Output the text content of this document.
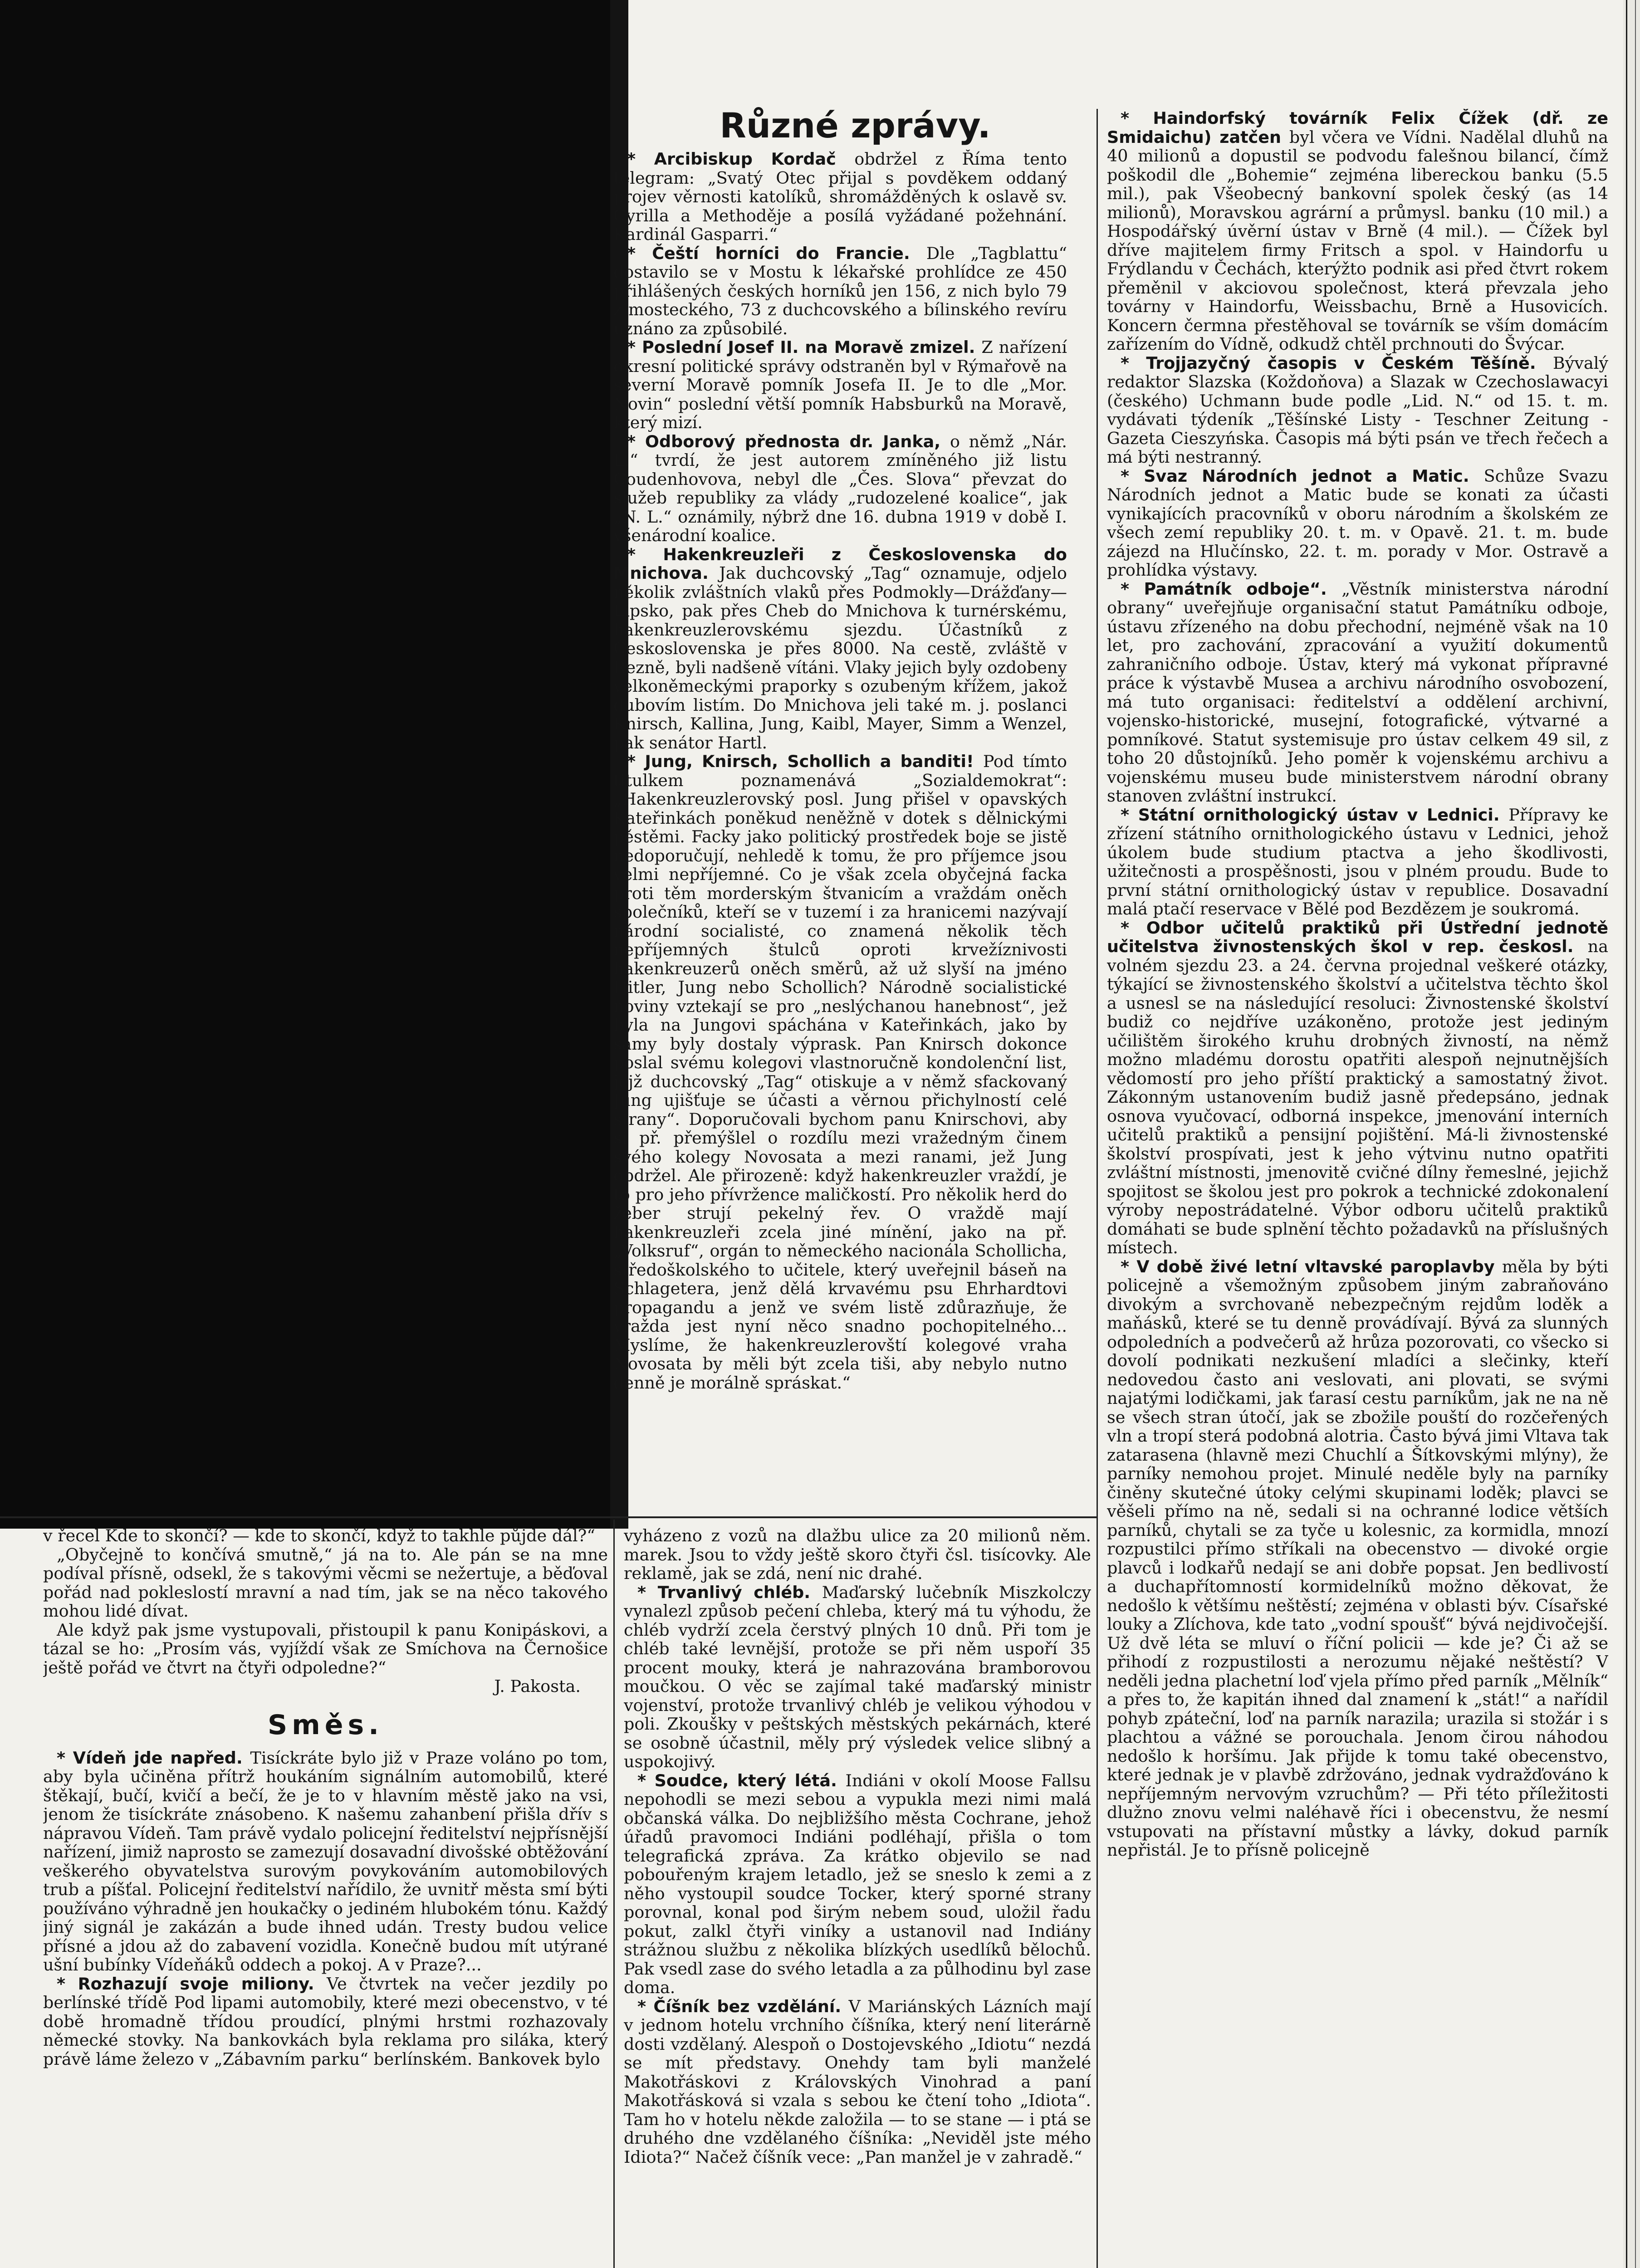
Různé zprávy.

* Arcibiskup Kordač obdržel z Říma tento telegram: „Svatý Otec přijal s povděkem oddaný projev věrnosti katolíků, shromážděných k oslavě sv. Cyrilla a Methoděje a posílá vyžádané požehnání. Kardinál Gasparri.“

* Čeští horníci do Francie. Dle „Tagblattu“ dostavilo se v Mostu k lékařské prohlídce ze 450 přihlášených českých horníků jen 156, z nich bylo 79 z mosteckého, 73 z duchcovského a bílinského revíru uznáno za způsobilé.

* Poslední Josef II. na Moravě zmizel. Z nařízení okresní politické správy odstraněn byl v Rýmařově na severní Moravě pomník Josefa II. Je to dle „Mor. Novin“ poslední větší pomník Habsburků na Moravě, který mizí.

* Odborový přednosta dr. Janka, o němž „Nár. L.“ tvrdí, že jest autorem zmíněného již listu Coudenhovova, nebyl dle „Čes. Slova“ převzat do služeb republiky za vlády „rudozelené koalice“, jak „N. L.“ oznámily, nýbrž dne 16. dubna 1919 v době I. všenárodní koalice.

* Hakenkreuzleři z Československa do Mnichova. Jak duchcovský „Tag“ oznamuje, odjelo několik zvláštních vlaků přes Podmokly—Drážďany—Lipsko, pak přes Cheb do Mnichova k turnérskému, hakenkreuzlerovskému sjezdu. Účastníků z Československa je přes 8000. Na cestě, zvláště v Řezně, byli nadšeně vítáni. Vlaky jejich byly ozdobeny velkoněmeckými praporky s ozubeným křížem, jakož dubovím listím. Do Mnichova jeli také m. j. poslanci Knirsch, Kallina, Jung, Kaibl, Mayer, Simm a Wenzel, pak senátor Hartl.

* Jung, Knirsch, Schollich a banditi! Pod tímto titulkem poznamenává „Sozialdemokrat“: „Hakenkreuzlerovský posl. Jung přišel v opavských Kateřinkách poněkud neněžně v dotek s dělnickými pěstěmi. Facky jako politický prostředek boje se jistě nedoporučují, nehledě k tomu, že pro příjemce jsou velmi nepříjemné. Co je však zcela obyčejná facka proti těm morderským štvanicím a vraždám oněch společníků, kteří se v tuzemí i za hranicemi nazývají národní socialisté, co znamená několik těch nepříjemných štulců oproti krvežíznivosti hakenkreuzerů oněch směrů, až už slyší na jméno Hitler, Jung nebo Schollich? Národně socialistické noviny vztekají se pro „neslýchanou hanebnost“, jež byla na Jungovi spáchána v Kateřinkách, jako by samy byly dostaly výprask. Pan Knirsch dokonce poslal svému kolegovi vlastnoručně kondolenční list, jejž duchcovský „Tag“ otiskuje a v němž sfackovaný Jung ujišťuje se účasti a věrnou přichylností celé strany“. Doporučovali bychom panu Knirschovi, aby si př. přemýšlel o rozdílu mezi vražedným činem svého kolegy Novosata a mezi ranami, jež Jung obdržel. Ale přirozeně: když hakenkreuzler vraždí, je to pro jeho přívržence maličkostí. Pro několik herd do žeber strují pekelný řev. O vraždě mají hakenkreuzleři zcela jiné mínění, jako na př. „Volksruf“, orgán to německého nacionála Schollicha, středoškolského to učitele, který uveřejnil báseň na Schlagetera, jenž dělá krvavému psu Ehrhardtovi propagandu a jenž ve svém listě zdůrazňuje, že vražda jest nyní něco snadno pochopitelného... Myslíme, že hakenkreuzlerovští kolegové vraha Novosata by měli být zcela tiši, aby nebylo nutno denně je morálně spráskat.“

* Haindorfský továrník Felix Čížek (dř. ze Smidaichu) zatčen byl včera ve Vídni. Nadělal dluhů na 40 milionů a dopustil se podvodu falešnou bilancí, čímž poškodil dle „Bohemie“ zejména libereckou banku (5.5 mil.), pak Všeobecný bankovní spolek český (as 14 milionů), Moravskou agrární a průmysl. banku (10 mil.) a Hospodářský úvěrní ústav v Brně (4 mil.). — Čížek byl dříve majitelem firmy Fritsch a spol. v Haindorfu u Frýdlandu v Čechách, kterýžto podnik asi před čtvrt rokem přeměnil v akciovou společnost, která převzala jeho továrny v Haindorfu, Weissbachu, Brně a Husovicích. Koncern čermna přestěhoval se továrník se vším domácím zařízením do Vídně, odkudž chtěl prchnouti do Švýcar.

* Trojjazyčný časopis v Českém Těšíně. Bývalý redaktor Slazska (Koždoňova) a Slazak w Czechoslawacyi (českého) Uchmann bude podle „Lid. N.“ od 15. t. m. vydávati týdeník „Těšínské Listy - Teschner Zeitung - Gazeta Cieszyńska. Časopis má býti psán ve třech řečech a má býti nestranný.

* Svaz Národních jednot a Matic. Schůze Svazu Národních jednot a Matic bude se konati za účasti vynikajících pracovníků v oboru národním a školském ze všech zemí republiky 20. t. m. v Opavě. 21. t. m. bude zájezd na Hlučínsko, 22. t. m. porady v Mor. Ostravě a prohlídka výstavy.

* Památník odboje“. „Věstník ministerstva národní obrany“ uveřejňuje organisační statut Památníku odboje, ústavu zřízeného na dobu přechodní, nejméně však na 10 let, pro zachování, zpracování a využití dokumentů zahraničního odboje. Ústav, který má vykonat přípravné práce k výstavbě Musea a archivu národního osvobození, má tuto organisaci: ředitelství a oddělení archivní, vojensko-historické, musejní, fotografické, výtvarné a pomníkové. Statut systemisuje pro ústav celkem 49 sil, z toho 20 důstojníků. Jeho poměr k vojenskému archivu a vojenskému museu bude ministerstvem národní obrany stanoven zvláštní instrukcí.

* Státní ornithologický ústav v Lednici. Přípravy ke zřízení státního ornithologického ústavu v Lednici, jehož úkolem bude studium ptactva a jeho škodlivosti, užitečnosti a prospěšnosti, jsou v plném proudu. Bude to první státní ornithologický ústav v republice. Dosavadní malá ptačí reservace v Bělé pod Bezdězem je soukromá.

* Odbor učitelů praktiků při Ústřední jednotě učitelstva živnostenských škol v rep. českosl. na volném sjezdu 23. a 24. června projednal veškeré otázky, týkající se živnostenského školství a učitelstva těchto škol a usnesl se na následující resoluci: Živnostenské školství budiž co nejdříve uzákoněno, protože jest jediným učilištěm širokého kruhu drobných živností, na němž možno mladému dorostu opatřiti alespoň nejnutnějších vědomostí pro jeho příští praktický a samostatný život. Zákonným ustanovením budiž jasně předepsáno, jednak osnova vyučovací, odborná inspekce, jmenování interních učitelů praktiků a pensijní pojištění. Má-li živnostenské školství prospívati, jest k jeho výtvinu nutno opatřiti zvláštní místnosti, jmenovitě cvičné dílny řemeslné, jejichž spojitost se školou jest pro pokrok a technické zdokonalení výroby nepostrádatelné. Výbor odboru učitelů praktiků domáhati se bude splnění těchto požadavků na příslušných místech.

* V době živé letní vltavské paroplavby měla by býti policejně a všemožným způsobem jiným zabraňováno divokým a svrchovaně nebezpečným rejdům loděk a maňásků, které se tu denně provádívají. Bývá za slunných odpoledních a podvečerů až hrůza pozorovati, co všecko si dovolí podnikati nezkušení mladíci a slečinky, kteří nedovedou často ani veslovati, ani plovati, se svými najatými lodičkami, jak ťarasí cestu parníkům, jak ne na ně se všech stran útočí, jak se zbožile pouští do rozčeřených vln a tropí sterá podobná alotria. Často bývá jimi Vltava tak zatarasena (hlavně mezi Chuchlí a Šítkovskými mlýny), že parníky nemohou projet. Minulé neděle byly na parníky činěny skutečné útoky celými skupinami loděk; plavci se věšeli přímo na ně, sedali si na ochranné lodice větších parníků, chytali se za tyče u kolesnic, za kormidla, mnozí rozpustilci přímo stříkali na obecenstvo — divoké orgie plavců i lodkařů nedají se ani dobře popsat. Jen bedlivostí a duchapřítomností kormidelníků možno děkovat, že nedošlo k většímu neštěstí; zejména v oblasti býv. Císařské louky a Zlíchova, kde tato „vodní spoušť“ bývá nejdivočejší. Už dvě léta se mluví o říční policii — kde je? Či až se přihodí z rozpustilosti a nerozumu nějaké neštěstí? V neděli jedna plachetní loď vjela přímo před parník „Mělník“ a přes to, že kapitán ihned dal znamení k „stát!“ a nařídil pohyb zpáteční, loď na parník narazila; urazila si stožár i s plachtou a vážné se porouchala. Jenom čirou náhodou nedošlo k horšímu. Jak přijde k tomu také obecenstvo, které jednak je v plavbě zdržováno, jednak vydražďováno k nepříjemným nervovým vzruchům? — Při této příležitosti dlužno znovu velmi naléhavě říci i obecenstvu, že nesmí vstupovati na přístavní můstky a lávky, dokud parník nepřistál. Je to přísně policejně

v řecel Kde to skončí? — kde to skončí, když to takhle půjde dál?“

„Obyčejně to končívá smutně,“ já na to. Ale pán se na mne podíval přísně, odsekl, že s takovými věcmi se nežertuje, a běďoval pořád nad pokleslostí mravní a nad tím, jak se na něco takového mohou lidé dívat.

Ale když pak jsme vystupovali, přistoupil k panu Konipáskovi, a tázal se ho: „Prosím vás, vyjíždí však ze Smíchova na Černošice ještě pořád ve čtvrt na čtyři odpoledne?“

J. Pakosta.

Směs.

* Vídeň jde napřed. Tisíckráte bylo již v Praze voláno po tom, aby byla učiněna přítrž houkáním signálním automobilů, které štěkají, bučí, kvičí a bečí, že je to v hlavním městě jako na vsi, jenom že tisíckráte znásobeno. K našemu zahanbení přišla dřív s nápravou Vídeň. Tam právě vydalo policejní ředitelství nejpřísnější nařízení, jimiž naprosto se zamezují dosavadní divošské obtěžování veškerého obyvatelstva surovým povykováním automobilových trub a píšťal. Policejní ředitelství nařídilo, že uvnitř města smí býti používáno výhradně jen houkačky o jediném hlubokém tónu. Každý jiný signál je zakázán a bude ihned udán. Tresty budou velice přísné a jdou až do zabavení vozidla. Konečně budou mít utýrané ušní bubínky Vídeňáků oddech a pokoj. A v Praze?...

* Rozhazují svoje miliony. Ve čtvrtek na večer jezdily po berlínské třídě Pod lipami automobily, které mezi obecenstvo, v té době hromadně třídou proudící, plnými hrstmi rozhazovaly německé stovky. Na bankovkách byla reklama pro siláka, který právě láme železo v „Zábavním parku“ berlínském. Bankovek bylo

vyházeno z vozů na dlažbu ulice za 20 milionů něm. marek. Jsou to vždy ještě skoro čtyři čsl. tisícovky. Ale reklamě, jak se zdá, není nic drahé.

* Trvanlivý chléb. Maďarský lučebník Miszkolczy vynalezl způsob pečení chleba, který má tu výhodu, že chléb vydrží zcela čerstvý plných 10 dnů. Při tom je chléb také levnější, protože se při něm uspoří 35 procent mouky, která je nahrazována bramborovou moučkou. O věc se zajímal také maďarský ministr vojenství, protože trvanlivý chléb je velikou výhodou v poli. Zkoušky v peštských městských pekárnách, které se osobně účastnil, měly prý výsledek velice slibný a uspokojivý.

* Soudce, který létá. Indiáni v okolí Moose Fallsu nepohodli se mezi sebou a vypukla mezi nimi malá občanská válka. Do nejbližšího města Cochrane, jehož úřadů pravomoci Indiáni podléhají, přišla o tom telegrafická zpráva. Za krátko objevilo se nad pobouřeným krajem letadlo, jež se sneslo k zemi a z něho vystoupil soudce Tocker, který sporné strany porovnal, konal pod širým nebem soud, uložil řadu pokut, zalkl čtyři viníky a ustanovil nad Indiány strážnou službu z několika blízkých usedlíků bělochů. Pak vsedl zase do svého letadla a za půlhodinu byl zase doma.

* Číšník bez vzdělání. V Mariánských Lázních mají v jednom hotelu vrchního číšníka, který není literárně dosti vzdělaný. Alespoň o Dostojevského „Idiotu“ nezdá se mít představy. Onehdy tam byli manželé Makotřáskovi z Královských Vinohrad a paní Makotřásková si vzala s sebou ke čtení toho „Idiota“. Tam ho v hotelu někde založila — to se stane — i ptá se druhého dne vzdělaného číšníka: „Neviděl jste mého Idiota?“ Načež číšník vece: „Pan manžel je v zahradě.“
